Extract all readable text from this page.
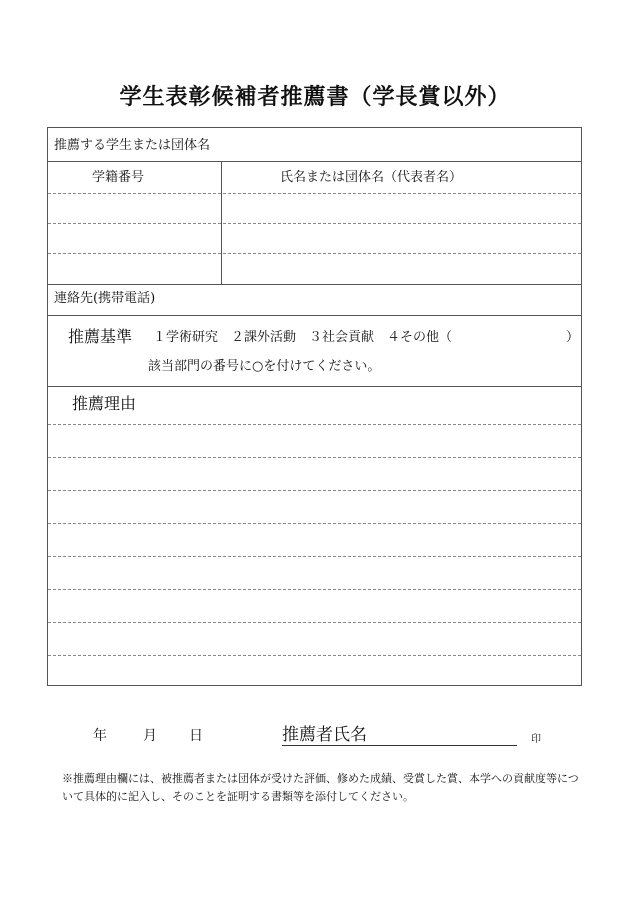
学生表彰候補者推薦書（学長賞以外）
推薦する学生または団体名
学籍番号	氏名または団体名（代表者名）
連絡先(携帯電話)
推薦基準 １学術研究　２課外活動　３社会貢献　４その他（	）
該当部門の番号に○を付けてください。
推薦理由
年	月 日	推薦者氏名	印
※推薦理由欄には、被推薦者または団体が受けた評価、修めた成績、受賞した賞、本学への貢献度等につ
いて具体的に記入し、そのことを証明する書類等を添付してください。
